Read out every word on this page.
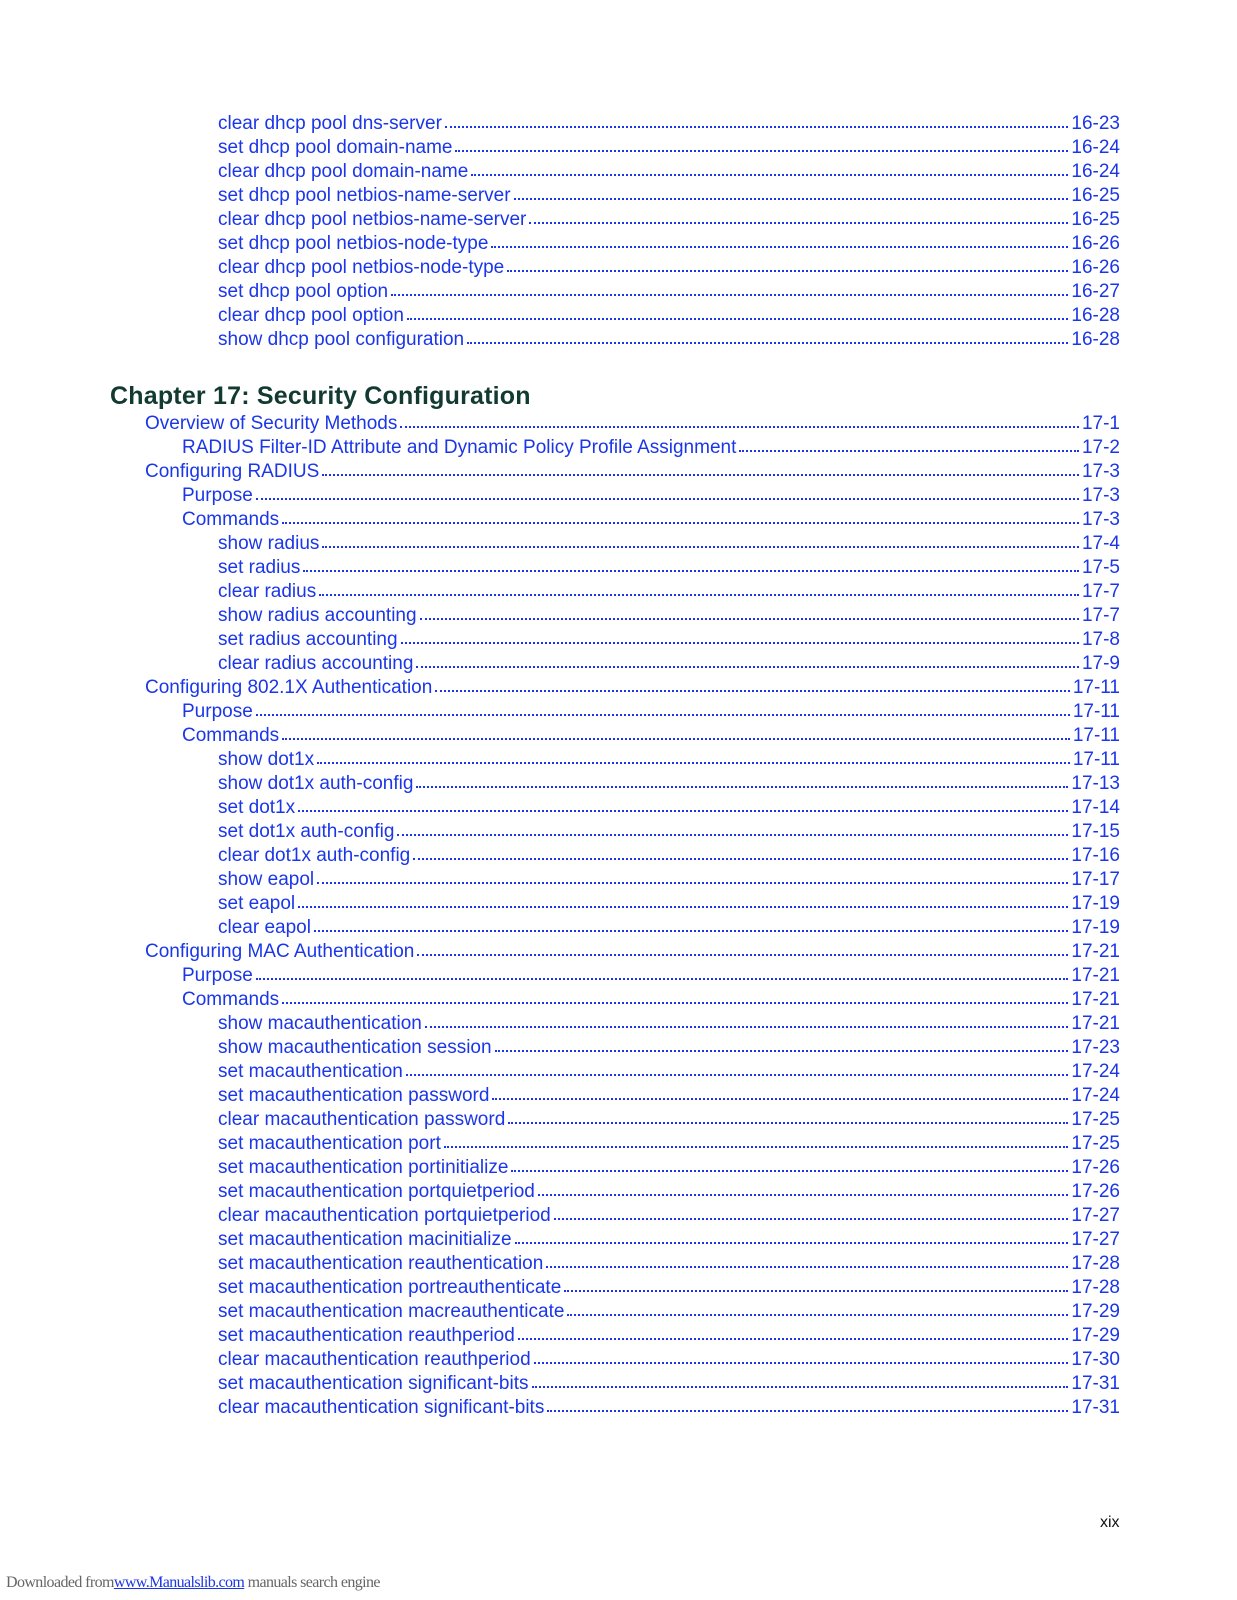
clear dhcp pool dns-server	16-23
set dhcp pool domain-name	16-24
clear dhcp pool domain-name	16-24
set dhcp pool netbios-name-server	16-25
clear dhcp pool netbios-name-server	16-25
set dhcp pool netbios-node-type	16-26
clear dhcp pool netbios-node-type	16-26
set dhcp pool option	16-27
clear dhcp pool option	16-28
show dhcp pool configuration	16-28
Chapter 17: Security Configuration
Overview of Security Methods	17-1
RADIUS Filter-ID Attribute and Dynamic Policy Profile Assignment	17-2
Configuring RADIUS	17-3
Purpose	17-3
Commands	17-3
show radius	17-4
set radius	17-5
clear radius	17-7
show radius accounting	17-7
set radius accounting	17-8
clear radius accounting	17-9
Configuring 802.1X Authentication	17-11
Purpose	17-11
Commands	17-11
show dot1x	17-11
show dot1x auth-config	17-13
set dot1x	17-14
set dot1x auth-config	17-15
clear dot1x auth-config	17-16
show eapol	17-17
set eapol	17-19
clear eapol	17-19
Configuring MAC Authentication	17-21
Purpose	17-21
Commands	17-21
show macauthentication	17-21
show macauthentication session	17-23
set macauthentication	17-24
set macauthentication password	17-24
clear macauthentication password	17-25
set macauthentication port	17-25
set macauthentication portinitialize	17-26
set macauthentication portquietperiod	17-26
clear macauthentication portquietperiod	17-27
set macauthentication macinitialize	17-27
set macauthentication reauthentication	17-28
set macauthentication portreauthenticate	17-28
set macauthentication macreauthenticate	17-29
set macauthentication reauthperiod	17-29
clear macauthentication reauthperiod	17-30
set macauthentication significant-bits	17-31
clear macauthentication significant-bits	17-31
xix
Downloaded fromwww.Manualslib.com manuals search engine
